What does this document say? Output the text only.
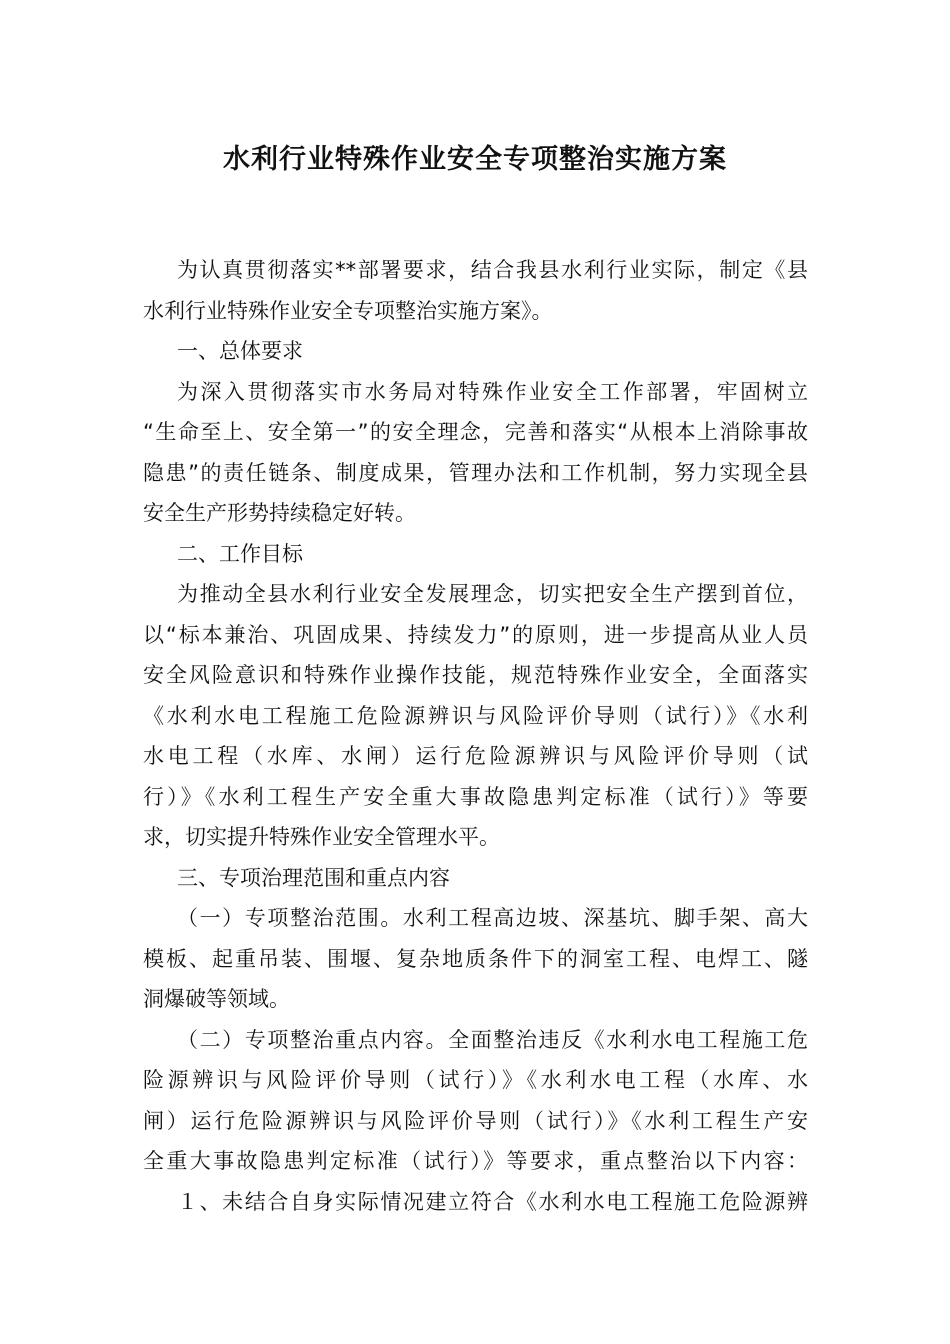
水利行业特殊作业安全专项整治实施方案
为认真贯彻落实**部署要求，结合我县水利行业实际，制定《县
水利行业特殊作业安全专项整治实施方案》。
一、总体要求
为深入贯彻落实市水务局对特殊作业安全工作部署，牢固树立
“生命至上、安全第一”的安全理念，完善和落实“从根本上消除事故
隐患”的责任链条、制度成果，管理办法和工作机制，努力实现全县
安全生产形势持续稳定好转。
二、工作目标
为推动全县水利行业安全发展理念，切实把安全生产摆到首位，
以“标本兼治、巩固成果、持续发力”的原则，进一步提高从业人员
安全风险意识和特殊作业操作技能，规范特殊作业安全，全面落实
《水利水电工程施工危险源辨识与风险评价导则（试行）》《水利
水电工程（水库、水闸）运行危险源辨识与风险评价导则（试
行）》《水利工程生产安全重大事故隐患判定标准（试行）》等要
求，切实提升特殊作业安全管理水平。
三、专项治理范围和重点内容
（一）专项整治范围。水利工程高边坡、深基坑、脚手架、高大
模板、起重吊装、围堰、复杂地质条件下的洞室工程、电焊工、隧
洞爆破等领域。
（二）专项整治重点内容。全面整治违反《水利水电工程施工危
险源辨识与风险评价导则（试行）》《水利水电工程（水库、水
闸）运行危险源辨识与风险评价导则（试行）》《水利工程生产安
全重大事故隐患判定标准（试行）》等要求，重点整治以下内容：
１、未结合自身实际情况建立符合《水利水电工程施工危险源辨
